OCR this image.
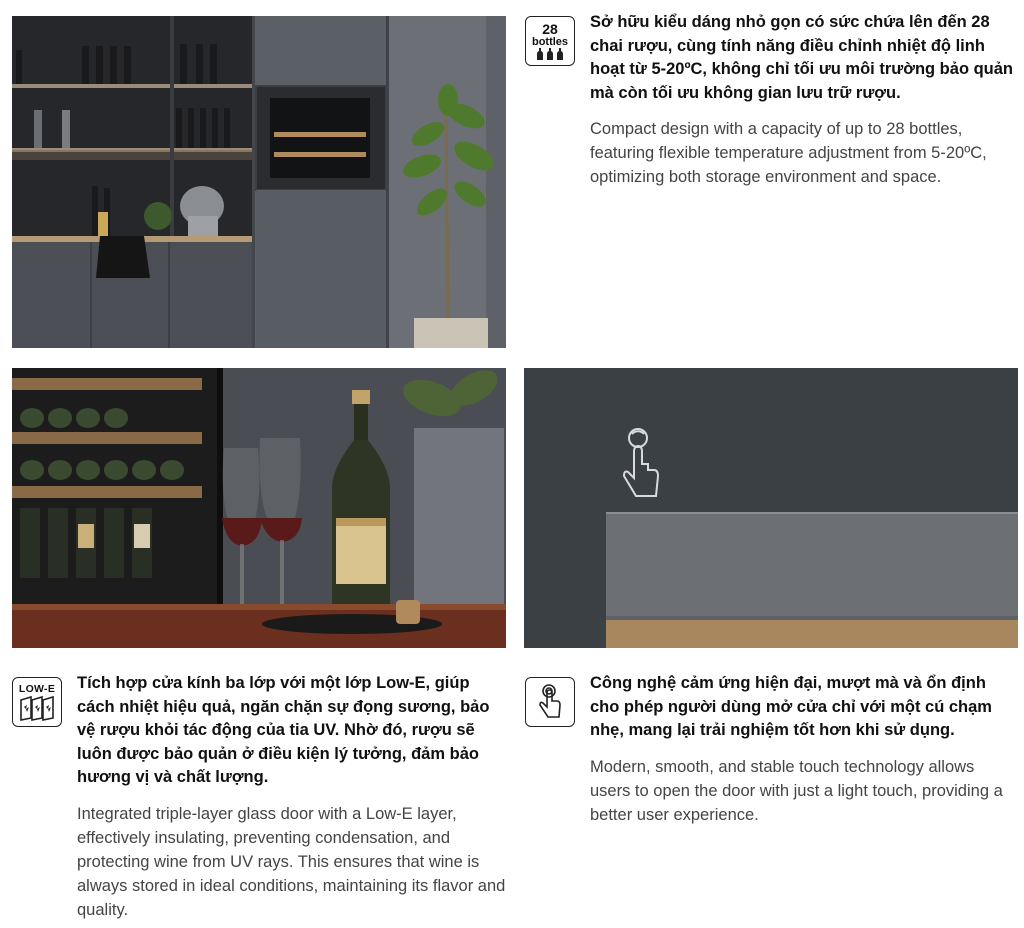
28
bottles

Sở hữu kiểu dáng nhỏ gọn có sức chứa lên đến 28 chai rượu, cùng tính năng điều chỉnh nhiệt độ linh hoạt từ 5-20ºC, không chỉ tối ưu môi trường bảo quản mà còn tối ưu không gian lưu trữ rượu.

Compact design with a capacity of up to 28 bottles, featuring flexible temperature adjustment from 5-20ºC, optimizing both storage environment and space.

LOW-E Tích hợp cửa kính ba lớp với một lớp Low-E, giúp cách nhiệt hiệu quả, ngăn chặn sự đọng sương, bảo vệ rượu khỏi tác động của tia UV. Nhờ đó, rượu sẽ luôn được bảo quản ở điều kiện lý tưởng, đảm bảo hương vị và chất lượng.

Integrated triple-layer glass door with a Low-E layer, effectively insulating, preventing condensation, and protecting wine from UV rays. This ensures that wine is always stored in ideal conditions, maintaining its flavor and quality.

Công nghệ cảm ứng hiện đại, mượt mà và ổn định cho phép người dùng mở cửa chỉ với một cú chạm nhẹ, mang lại trải nghiệm tốt hơn khi sử dụng.

Modern, smooth, and stable touch technology allows users to open the door with just a light touch, providing a better user experience.
